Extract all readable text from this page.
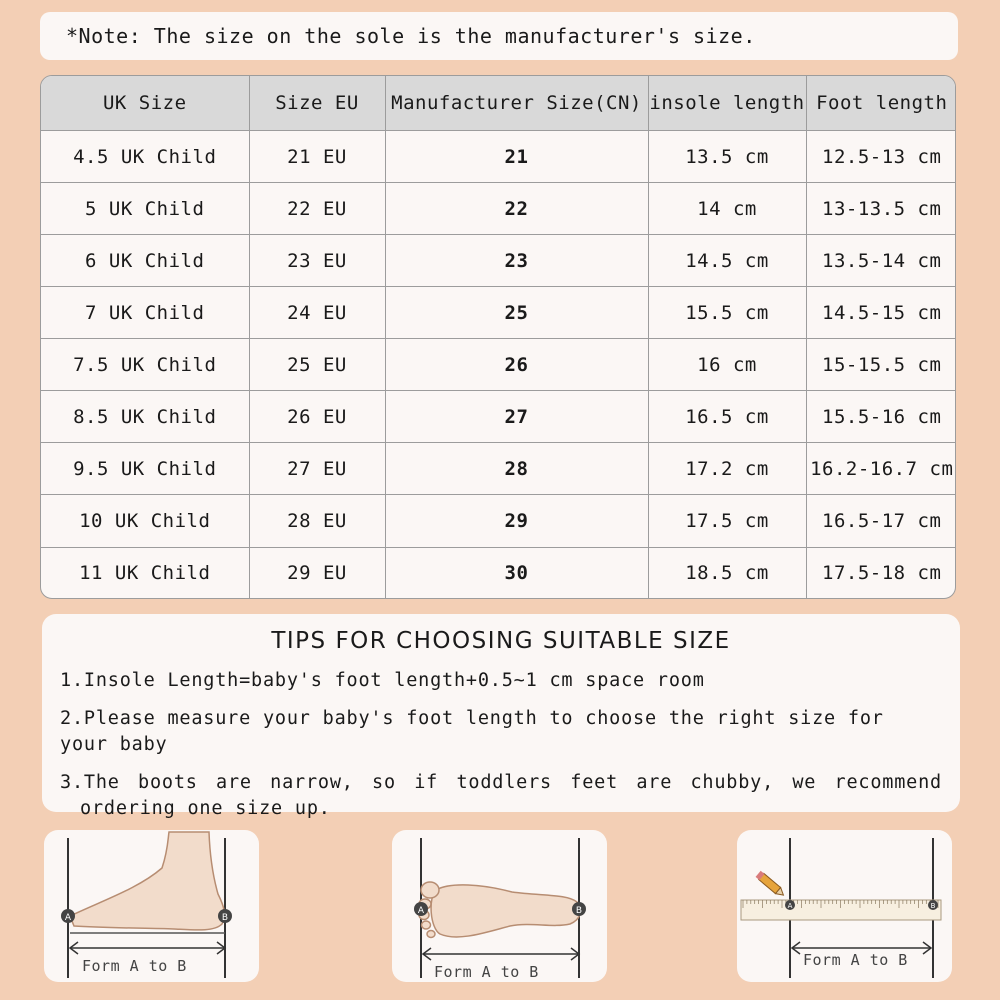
*Note: The size on the sole is the manufacturer's size.
UK Size	Size EU	Manufacturer Size(CN)	insole length	Foot length
4.5 UK Child	21 EU	21	13.5 cm	12.5-13 cm
5 UK Child	22 EU	22	14 cm	13-13.5 cm
6 UK Child	23 EU	23	14.5 cm	13.5-14 cm
7 UK Child	24 EU	25	15.5 cm	14.5-15 cm
7.5 UK Child	25 EU	26	16 cm	15-15.5 cm
8.5 UK Child	26 EU	27	16.5 cm	15.5-16 cm
9.5 UK Child	27 EU	28	17.2 cm	16.2-16.7 cm
10 UK Child	28 EU	29	17.5 cm	16.5-17 cm
11 UK Child	29 EU	30	18.5 cm	17.5-18 cm
TIPS FOR CHOOSING SUITABLE SIZE
1.Insole Length=baby's foot length+0.5~1 cm space room
2.Please measure your baby's foot length to choose the right size for your baby
3.The boots are narrow, so if toddlers feet are chubby, we recommend ordering one size up.
A	B
Form A to B
A	B
Form A to B
A	B
Form A to B
